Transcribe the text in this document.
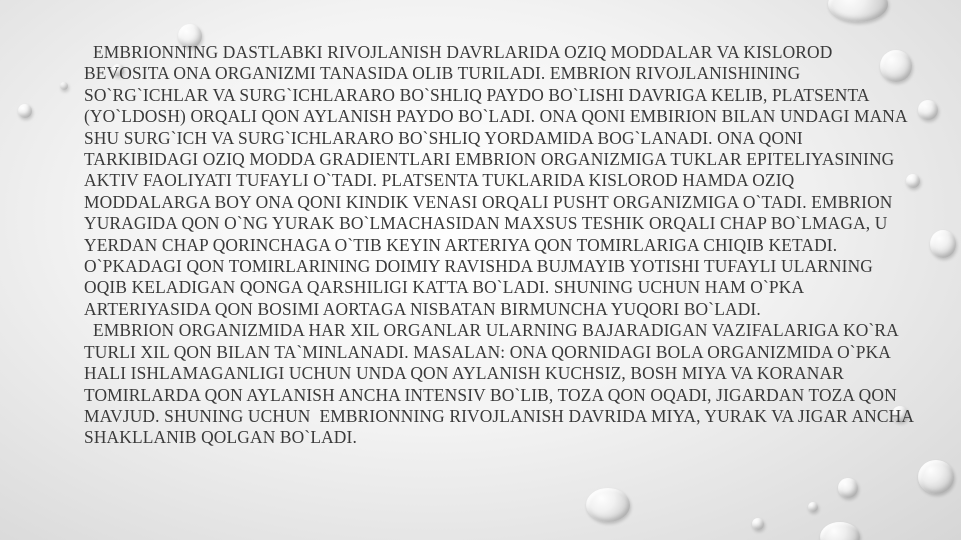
EMBRIONNING DASTLABKI RIVOJLANISH DAVRLARIDA OZIQ MODDALAR VA KISLOROD BEVOSITA ONA ORGANIZMI TANASIDA OLIB TURILADI. EMBRION RIVOJLANISHINING SO`RG`ICHLAR VA SURG`ICHLARARO BO`SHLIQ PAYDO BO`LISHI DAVRIGA KELIB, PLATSENTA (YO`LDOSH) ORQALI QON AYLANISH PAYDO BO`LADI. ONA QONI EMBIRION BILAN UNDAGI MANA SHU SURG`ICH VA SURG`ICHLARARO BO`SHLIQ YORDAMIDA BOG`LANADI. ONA QONI TARKIBIDAGI OZIQ MODDA GRADIENTLARI EMBRION ORGANIZMIGA TUKLAR EPITELIYASINING AKTIV FAOLIYATI TUFAYLI O`TADI. PLATSENTA TUKLARIDA KISLOROD HAMDA OZIQ MODDALARGA BOY ONA QONI KINDIK VENASI ORQALI PUSHT ORGANIZMIGA O`TADI. EMBRION YURAGIDA QON O`NG YURAK BO`LMACHASIDAN MAXSUS TESHIK ORQALI CHAP BO`LMAGA, U YERDAN CHAP QORINCHAGA O`TIB KEYIN ARTERIYA QON TOMIRLARIGA CHIQIB KETADI. O`PKADAGI QON TOMIRLARINING DOIMIY RAVISHDA BUJMAYIB YOTISHI TUFAYLI ULARNING OQIB KELADIGAN QONGA QARSHILIGI KATTA BO`LADI. SHUNING UCHUN HAM O`PKA ARTERIYASIDA QON BOSIMI AORTAGA NISBATAN BIRMUNCHA YUQORI BO`LADI.

EMBRION ORGANIZMIDA HAR XIL ORGANLAR ULARNING BAJARADIGAN VAZIFALARIGA KO`RA TURLI XIL QON BILAN TA`MINLANADI. MASALAN: ONA QORNIDAGI BOLA ORGANIZMIDA O`PKA HALI ISHLAMAGANLIGI UCHUN UNDA QON AYLANISH KUCHSIZ, BOSH MIYA VA KORANAR TOMIRLARDA QON AYLANISH ANCHA INTENSIV BO`LIB, TOZA QON OQADI, JIGARDAN TOZA QON MAVJUD. SHUNING UCHUN  EMBRIONNING RIVOJLANISH DAVRIDA MIYA, YURAK VA JIGAR ANCHA SHAKLLANIB QOLGAN BO`LADI.
